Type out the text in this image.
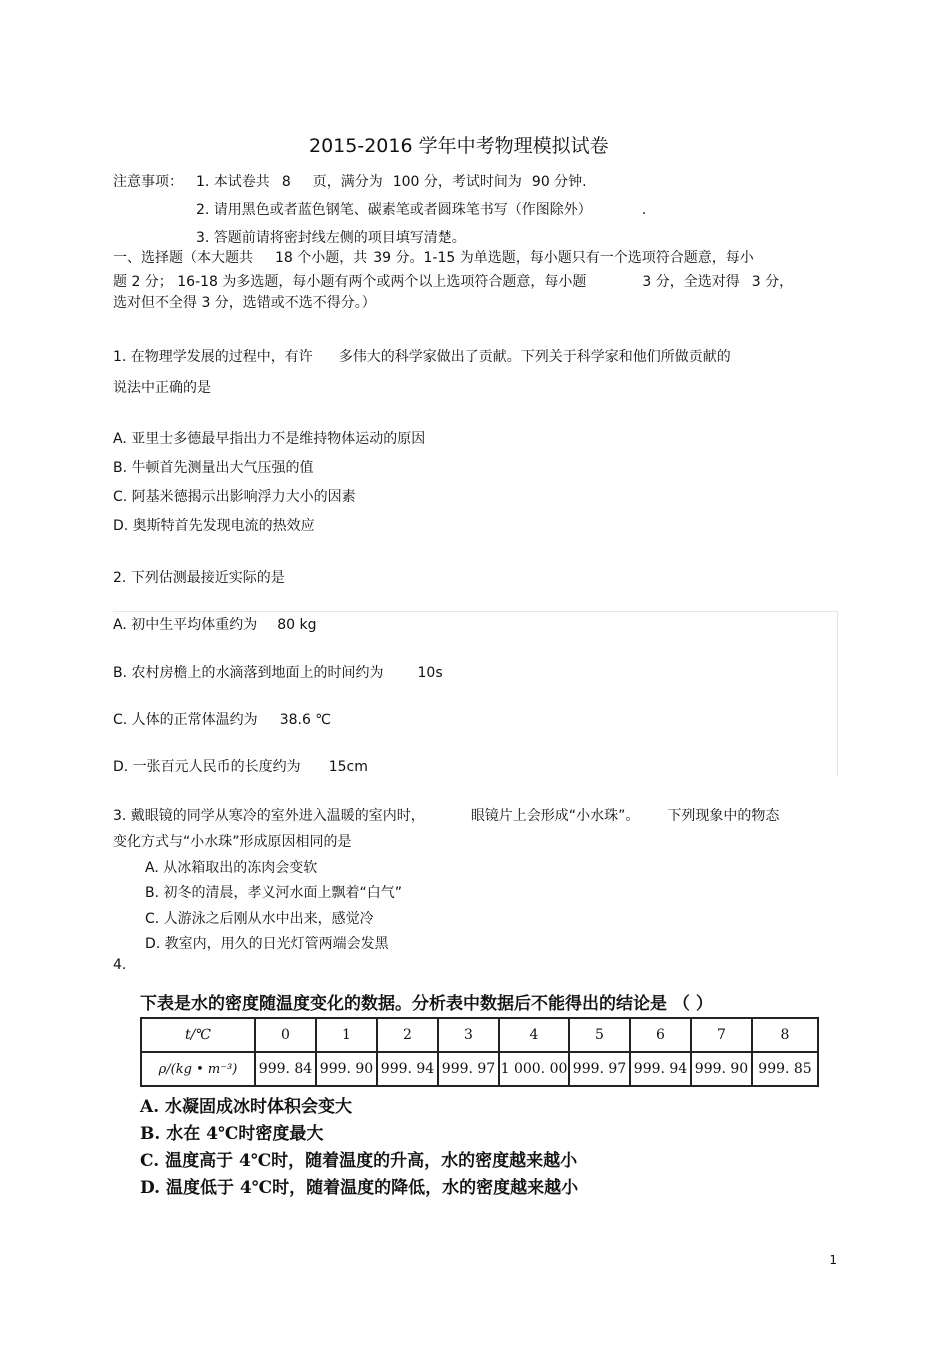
2015-2016 学年中考物理模拟试卷
注意事项： 1. 本试卷共 8 页，满分为 100 分，考试时间为 90 分钟.
2. 请用黑色或者蓝色钢笔、碳素笔或者圆珠笔书写（作图除外）	.
3. 答题前请将密封线左侧的项目填写清楚。
一、选择题（本大题共 18 个小题，共 39 分。1-15 为单选题，每小题只有一个选项符合题意，每小
题 2 分； 16-18 为多选题，每小题有两个或两个以上选项符合题意，每小题	3 分，全选对得 3 分，
选对但不全得 3 分，选错或不选不得分。）
1. 在物理学发展的过程中，有许 多伟大的科学家做出了贡献。下列关于科学家和他们所做贡献的
说法中正确的是
A. 亚里士多德最早指出力不是维持物体运动的原因
B. 牛顿首先测量出大气压强的值
C. 阿基米德揭示出影响浮力大小的因素
D. 奥斯特首先发现电流的热效应
2. 下列估测最接近实际的是
A. 初中生平均体重约为 80 kg
B. 农村房檐上的水滴落到地面上的时间约为 10s
C. 人体的正常体温约为 38.6 ℃
D. 一张百元人民币的长度约为 15cm
3. 戴眼镜的同学从寒冷的室外进入温暖的室内时，	眼镜片上会形成“小水珠”。 下列现象中的物态
变化方式与“小水珠”形成原因相同的是
A. 从冰箱取出的冻肉会变软
B. 初冬的清晨，孝义河水面上飘着“白气”
C. 人游泳之后刚从水中出来，感觉冷
D. 教室内，用久的日光灯管两端会发黑
4.
下表是水的密度随温度变化的数据。分析表中数据后不能得出的结论是 （ ）
t/℃	0	1	2	3	4	5	6	7	8
ρ/(kg • m⁻³)	999. 84	999. 90	999. 94	999. 97	1 000. 00	999. 97	999. 94	999. 90	999. 85
A. 水凝固成冰时体积会变大
B. 水在 4℃时密度最大
C. 温度高于 4℃时，随着温度的升高，水的密度越来越小
D. 温度低于 4℃时，随着温度的降低，水的密度越来越小
1
